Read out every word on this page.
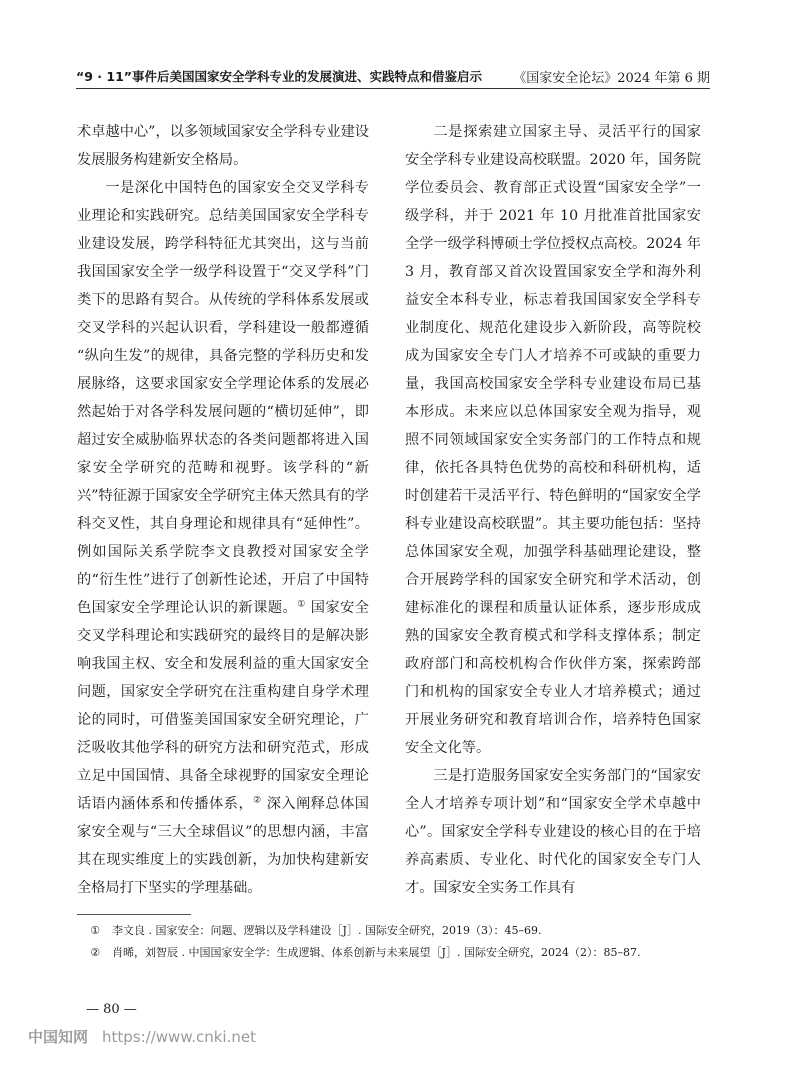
“9 · 11”事件后美国国家安全学科专业的发展演进、实践特点和借鉴启示 《国家安全论坛》2024 年第 6 期

术卓越中心”，以多领域国家安全学科专业建设发展服务构建新安全格局。

一是深化中国特色的国家安全交叉学科专业理论和实践研究。总结美国国家安全学科专业建设发展，跨学科特征尤其突出，这与当前我国国家安全学一级学科设置于“交叉学科”门类下的思路有契合。从传统的学科体系发展或交叉学科的兴起认识看，学科建设一般都遵循 “纵向生发”的规律，具备完整的学科历史和发展脉络，这要求国家安全学理论体系的发展必然起始于对各学科发展问题的“横切延伸”，即超过安全威胁临界状态的各类问题都将进入国家安全学研究的范畴和视野。该学科的“新兴”特征源于国家安全学研究主体天然具有的学科交叉性，其自身理论和规律具有“延伸性”。例如国际关系学院李文良教授对国家安全学的“衍生性”进行了创新性论述，开启了中国特色国家安全学理论认识的新课题。① 国家安全交叉学科理论和实践研究的最终目的是解决影响我国主权、安全和发展利益的重大国家安全问题，国家安全学研究在注重构建自身学术理论的同时，可借鉴美国国家安全研究理论，广泛吸收其他学科的研究方法和研究范式，形成立足中国国情、具备全球视野的国家安全理论话语内涵体系和传播体系，② 深入阐释总体国家安全观与“三大全球倡议”的思想内涵，丰富其在现实维度上的实践创新，为加快构建新安全格局打下坚实的学理基础。

二是探索建立国家主导、灵活平行的国家安全学科专业建设高校联盟。2020 年，国务院学位委员会、教育部正式设置“国家安全学”一级学科，并于 2021 年 10 月批准首批国家安全学一级学科博硕士学位授权点高校。2024 年 3 月，教育部又首次设置国家安全学和海外利益安全本科专业，标志着我国国家安全学科专业制度化、规范化建设步入新阶段，高等院校成为国家安全专门人才培养不可或缺的重要力量，我国高校国家安全学科专业建设布局已基本形成。未来应以总体国家安全观为指导，观照不同领域国家安全实务部门的工作特点和规律，依托各具特色优势的高校和科研机构，适时创建若干灵活平行、特色鲜明的“国家安全学科专业建设高校联盟”。其主要功能包括：坚持总体国家安全观，加强学科基础理论建设，整合开展跨学科的国家安全研究和学术活动，创建标准化的课程和质量认证体系，逐步形成成熟的国家安全教育模式和学科支撑体系；制定政府部门和高校机构合作伙伴方案，探索跨部门和机构的国家安全专业人才培养模式；通过开展业务研究和教育培训合作，培养特色国家安全文化等。

三是打造服务国家安全实务部门的“国家安全人才培养专项计划”和“国家安全学术卓越中心”。国家安全学科专业建设的核心目的在于培养高素质、专业化、时代化的国家安全专门人才。国家安全实务工作具有

① 李文良 . 国家安全：问题、逻辑以及学科建设［J］. 国际安全研究，2019（3）：45–69.

② 肖晞，刘智辰 . 中国国家安全学：生成逻辑、体系创新与未来展望［J］. 国际安全研究，2024（2）：85–87.

— 80 —
中国知网 https://www.cnki.net
